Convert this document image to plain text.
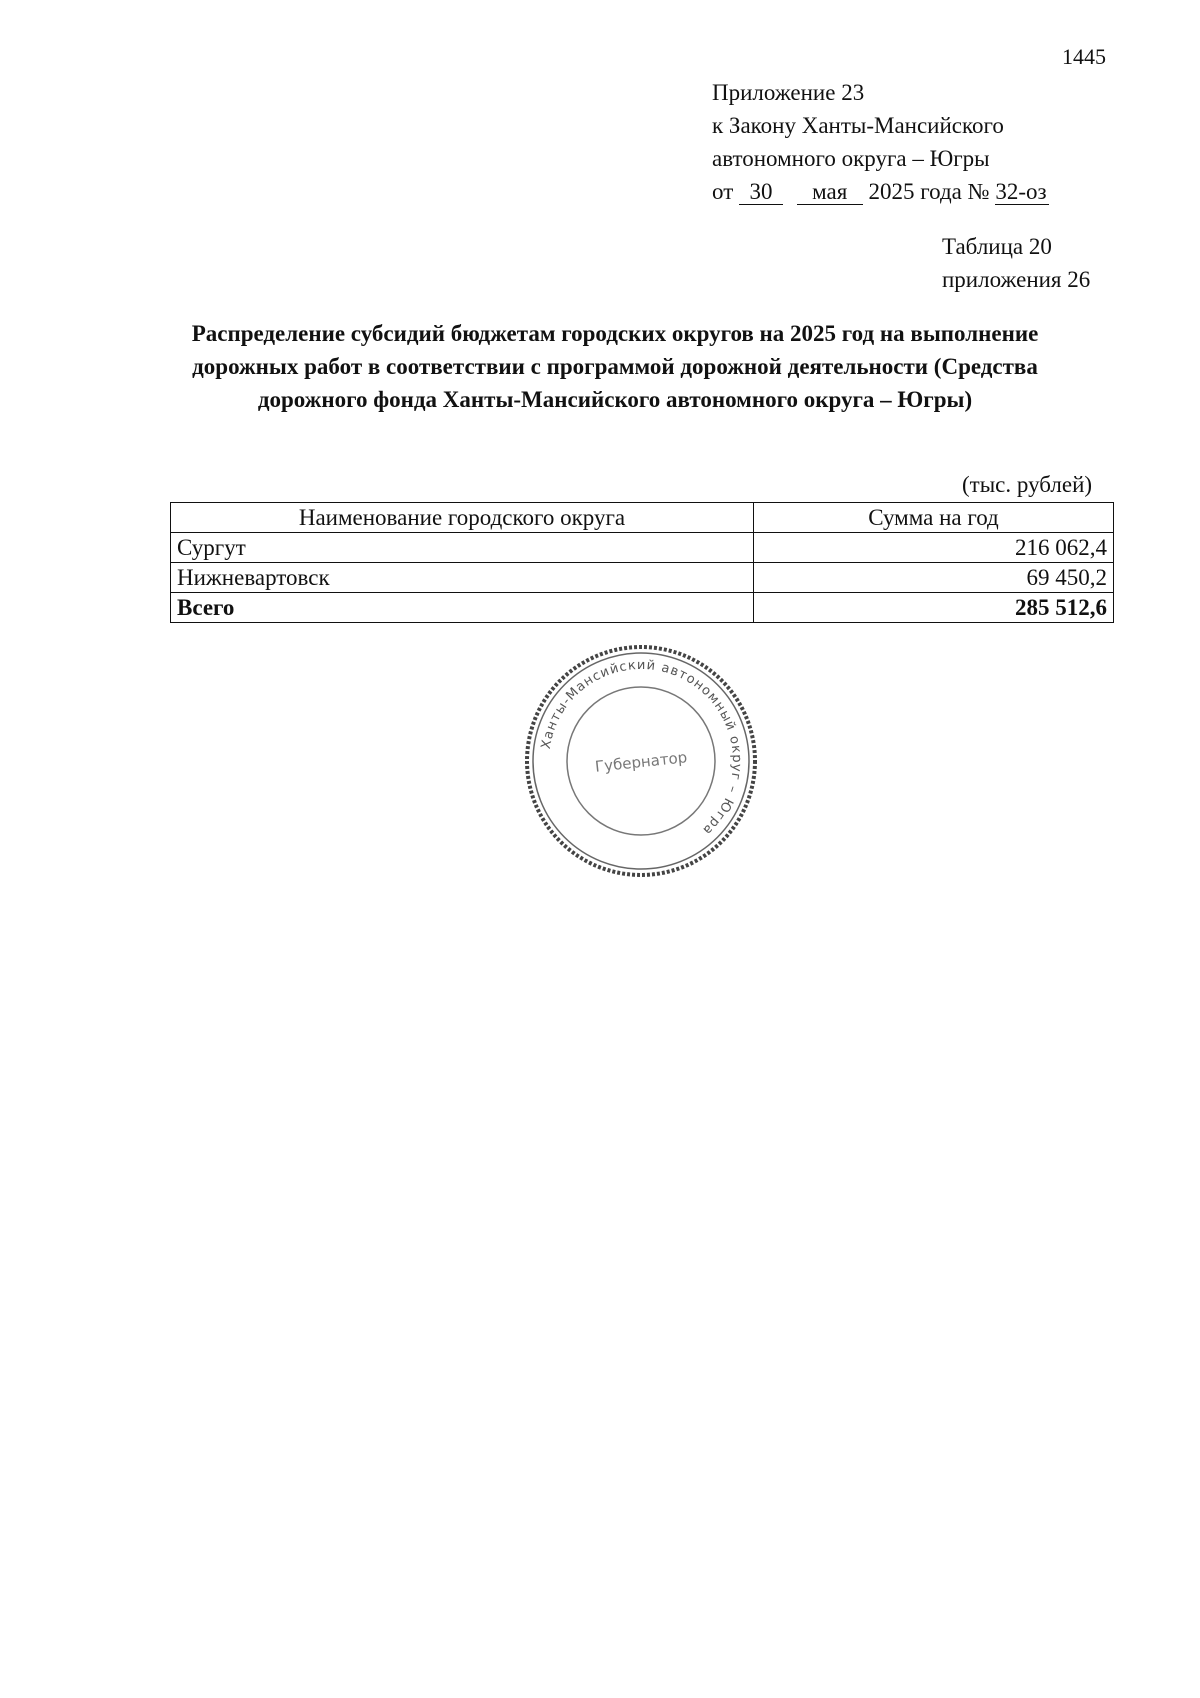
1445
Приложение 23
к Закону Ханты-Мансийского
автономного округа – Югры
от 30 мая 2025 года № 32-оз
Таблица 20
приложения 26
Распределение субсидий бюджетам городских округов на 2025 год на выполнение дорожных работ в соответствии с программой дорожной деятельности (Средства дорожного фонда Ханты-Мансийского автономного округа – Югры)
(тыс. рублей)
Наименование городского округа	Сумма на год
Сургут	216 062,4
Нижневартовск	69 450,2
Всего	285 512,6
Ханты-Мансийский автономный округ – Югра
Губернатор
